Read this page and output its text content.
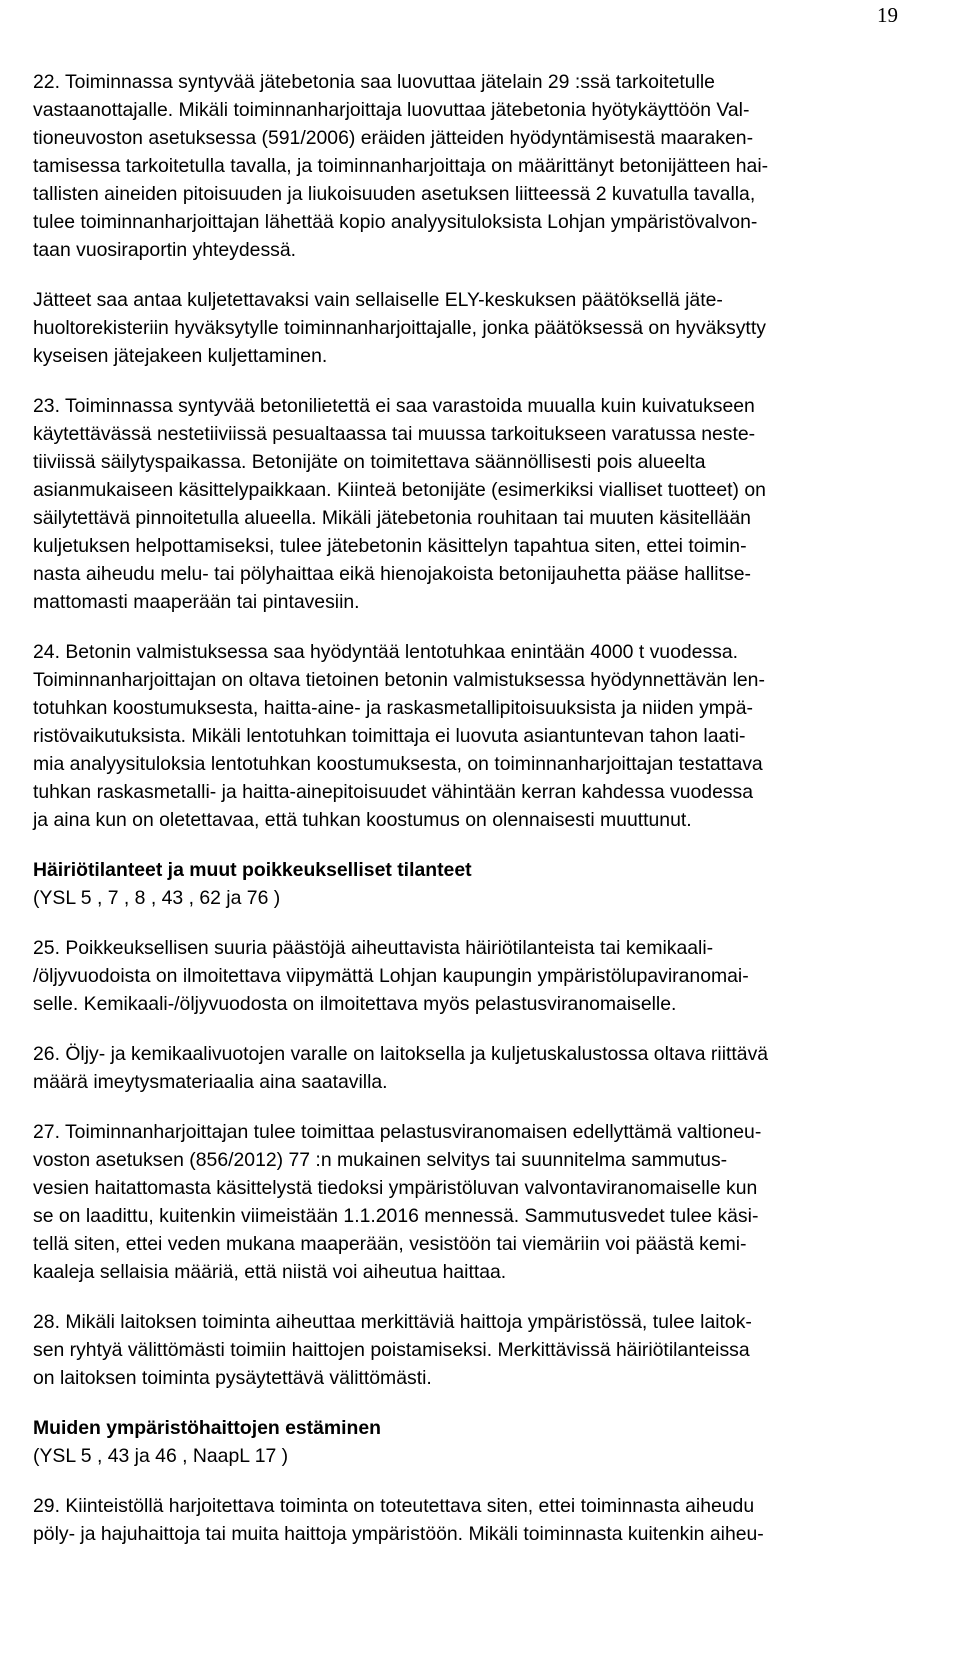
19
22. Toiminnassa syntyvää jätebetonia saa luovuttaa jätelain 29 :ssä tarkoitetulle
vastaanottajalle. Mikäli toiminnanharjoittaja luovuttaa jätebetonia hyötykäyttöön Val-
tioneuvoston asetuksessa (591/2006) eräiden jätteiden hyödyntämisestä maaraken-
tamisessa tarkoitetulla tavalla, ja toiminnanharjoittaja on määrittänyt betonijätteen hai-
tallisten aineiden pitoisuuden ja liukoisuuden asetuksen liitteessä 2 kuvatulla tavalla,
tulee toiminnanharjoittajan lähettää kopio analyysituloksista Lohjan ympäristövalvon-
taan vuosiraportin yhteydessä.
Jätteet saa antaa kuljetettavaksi vain sellaiselle ELY-keskuksen päätöksellä jäte-
huoltorekisteriin hyväksytylle toiminnanharjoittajalle, jonka päätöksessä on hyväksytty
kyseisen jätejakeen kuljettaminen.
23. Toiminnassa syntyvää betonilietettä ei saa varastoida muualla kuin kuivatukseen
käytettävässä nestetiiviissä pesualtaassa tai muussa tarkoitukseen varatussa neste-
tiiviissä säilytyspaikassa. Betonijäte on toimitettava säännöllisesti pois alueelta
asianmukaiseen käsittelypaikkaan. Kiinteä betonijäte (esimerkiksi vialliset tuotteet) on
säilytettävä pinnoitetulla alueella. Mikäli jätebetonia rouhitaan tai muuten käsitellään
kuljetuksen helpottamiseksi, tulee jätebetonin käsittelyn tapahtua siten, ettei toimin-
nasta aiheudu melu- tai pölyhaittaa eikä hienojakoista betonijauhetta pääse hallitse-
mattomasti maaperään tai pintavesiin.
24. Betonin valmistuksessa saa hyödyntää lentotuhkaa enintään 4000 t vuodessa.
Toiminnanharjoittajan on oltava tietoinen betonin valmistuksessa hyödynnettävän len-
totuhkan koostumuksesta, haitta-aine- ja raskasmetallipitoisuuksista ja niiden ympä-
ristövaikutuksista. Mikäli lentotuhkan toimittaja ei luovuta asiantuntevan tahon laati-
mia analyysituloksia lentotuhkan koostumuksesta, on toiminnanharjoittajan testattava
tuhkan raskasmetalli- ja haitta-ainepitoisuudet vähintään kerran kahdessa vuodessa
ja aina kun on oletettavaa, että tuhkan koostumus on olennaisesti muuttunut.
Häiriötilanteet ja muut poikkeukselliset tilanteet
(YSL 5 , 7 , 8 , 43 , 62 ja 76 )
25. Poikkeuksellisen suuria päästöjä aiheuttavista häiriötilanteista tai kemikaali-
/öljyvuodoista on ilmoitettava viipymättä Lohjan kaupungin ympäristölupaviranomai-
selle. Kemikaali-/öljyvuodosta on ilmoitettava myös pelastusviranomaiselle.
26. Öljy- ja kemikaalivuotojen varalle on laitoksella ja kuljetuskalustossa oltava riittävä
määrä imeytysmateriaalia aina saatavilla.
27. Toiminnanharjoittajan tulee toimittaa pelastusviranomaisen edellyttämä valtioneu-
voston asetuksen (856/2012) 77 :n mukainen selvitys tai suunnitelma sammutus-
vesien haitattomasta käsittelystä tiedoksi ympäristöluvan valvontaviranomaiselle kun
se on laadittu, kuitenkin viimeistään 1.1.2016 mennessä. Sammutusvedet tulee käsi-
tellä siten, ettei veden mukana maaperään, vesistöön tai viemäriin voi päästä kemi-
kaaleja sellaisia määriä, että niistä voi aiheutua haittaa.
28. Mikäli laitoksen toiminta aiheuttaa merkittäviä haittoja ympäristössä, tulee laitok-
sen ryhtyä välittömästi toimiin haittojen poistamiseksi. Merkittävissä häiriötilanteissa
on laitoksen toiminta pysäytettävä välittömästi.
Muiden ympäristöhaittojen estäminen
(YSL 5 , 43 ja 46 , NaapL 17 )
29. Kiinteistöllä harjoitettava toiminta on toteutettava siten, ettei toiminnasta aiheudu
pöly- ja hajuhaittoja tai muita haittoja ympäristöön. Mikäli toiminnasta kuitenkin aiheu-
